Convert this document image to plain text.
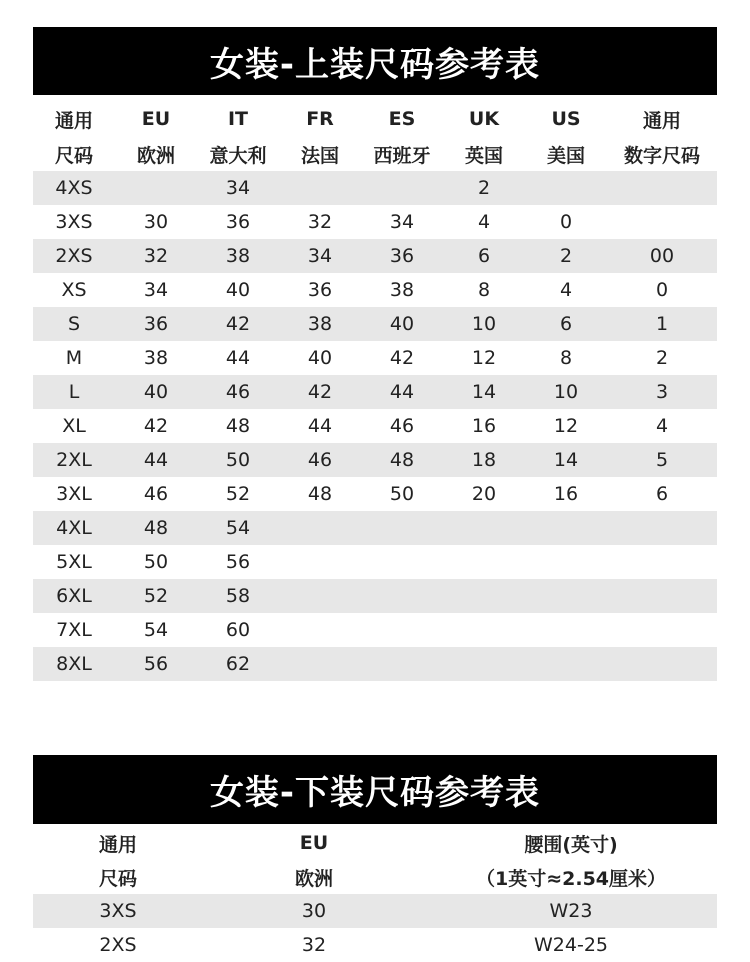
女装-上装尺码参考表
通用	EU	IT	FR	ES	UK	US	通用
尺码	欧洲	意大利	法国	西班牙	英国	美国	数字尺码
4XS		34			2		
3XS	30	36	32	34	4	0	
2XS	32	38	34	36	6	2	00
XS	34	40	36	38	8	4	0
S	36	42	38	40	10	6	1
M	38	44	40	42	12	8	2
L	40	46	42	44	14	10	3
XL	42	48	44	46	16	12	4
2XL	44	50	46	48	18	14	5
3XL	46	52	48	50	20	16	6
4XL	48	54					
5XL	50	56					
6XL	52	58					
7XL	54	60					
8XL	56	62					
女装-下装尺码参考表
通用	EU	腰围(英寸)
尺码	欧洲	（1英寸≈2.54厘米）
3XS	30	W23
2XS	32	W24-25
